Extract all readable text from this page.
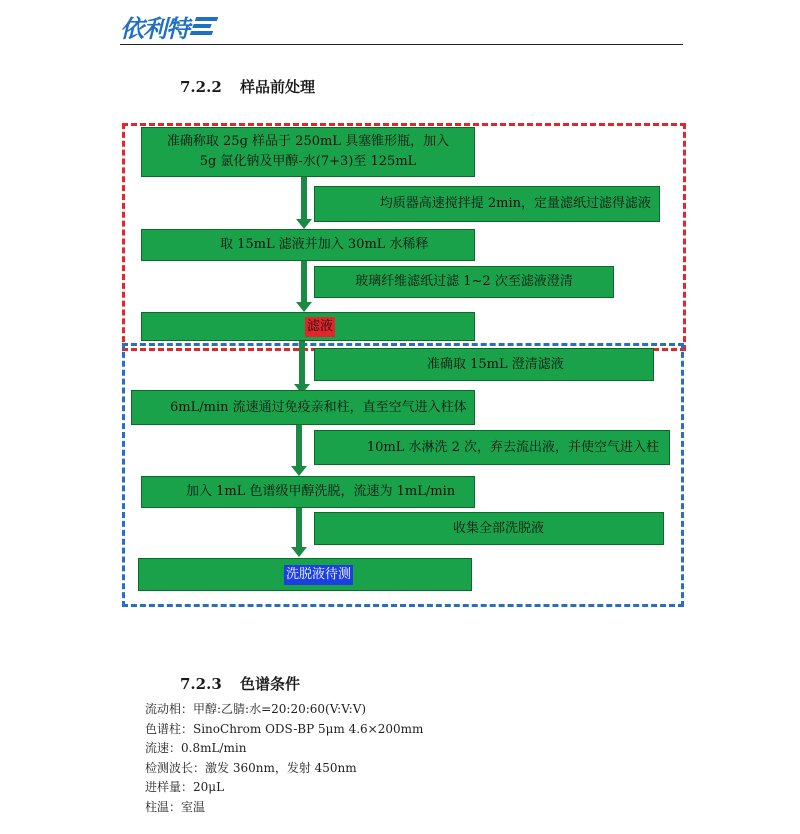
依利特
7.2.2 样品前处理
准确称取 25g 样品于 250mL 具塞锥形瓶，加入
5g 氯化钠及甲醇-水(7+3)至 125mL
均质器高速搅拌提 2min，定量滤纸过滤得滤液
取 15mL 滤液并加入 30mL 水稀释
玻璃纤维滤纸过滤 1~2 次至滤液澄清
滤液
准确取 15mL 澄清滤液
6mL/min 流速通过免疫亲和柱，直至空气进入柱体
10mL 水淋洗 2 次，弃去流出液，并使空气进入柱
加入 1mL 色谱级甲醇洗脱，流速为 1mL/min
收集全部洗脱液
洗脱液待测
7.2.3 色谱条件
流动相：甲醇:乙腈:水=20:20:60(V:V:V)
色谱柱：SinoChrom ODS-BP 5μm 4.6×200mm
流速：0.8mL/min
检测波长：激发 360nm，发射 450nm
进样量：20μL
柱温：室温
